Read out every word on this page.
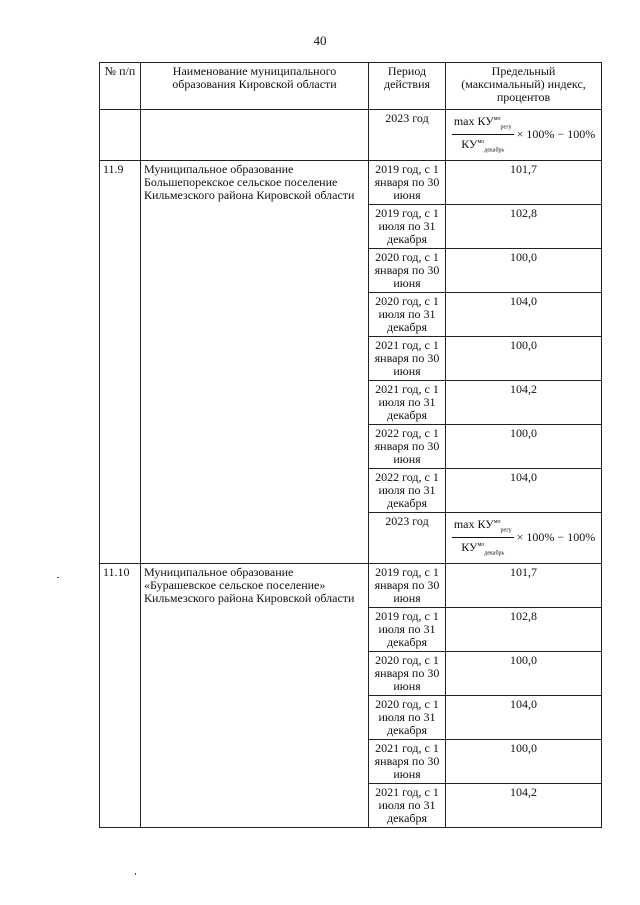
40
№ п/п	Наименование муниципального образования Кировской области	Период действия	Предельный (максимальный) индекс, процентов
		2023 год	$\frac{\max КУ^{мо}_{регу}}{КУ^{мо}_{декабрь}} \times 100\% - 100\%$

11.9	Муниципальное образование Большепорекское сельское поселение Кильмезского района Кировской области	2019 год, с 1 января по 30 июня	101,7
		2019 год, с 1 июля по 31 декабря	102,8
		2020 год, с 1 января по 30 июня	100,0
		2020 год, с 1 июля по 31 декабря	104,0
		2021 год, с 1 января по 30 июня	100,0
		2021 год, с 1 июля по 31 декабря	104,2
		2022 год, с 1 января по 30 июня	100,0
		2022 год, с 1 июля по 31 декабря	104,0
		2023 год	$\frac{\max КУ^{мо}_{регу}}{КУ^{мо}_{декабрь}} \times 100\% - 100\%$

11.10	Муниципальное образование «Бурашевское сельское поселение» Кильмезского района Кировской области	2019 год, с 1 января по 30 июня	101,7
		2019 год, с 1 июля по 31 декабря	102,8
		2020 год, с 1 января по 30 июня	100,0
		2020 год, с 1 июля по 31 декабря	104,0
		2021 год, с 1 января по 30 июня	100,0
		2021 год, с 1 июля по 31 декабря	104,2
